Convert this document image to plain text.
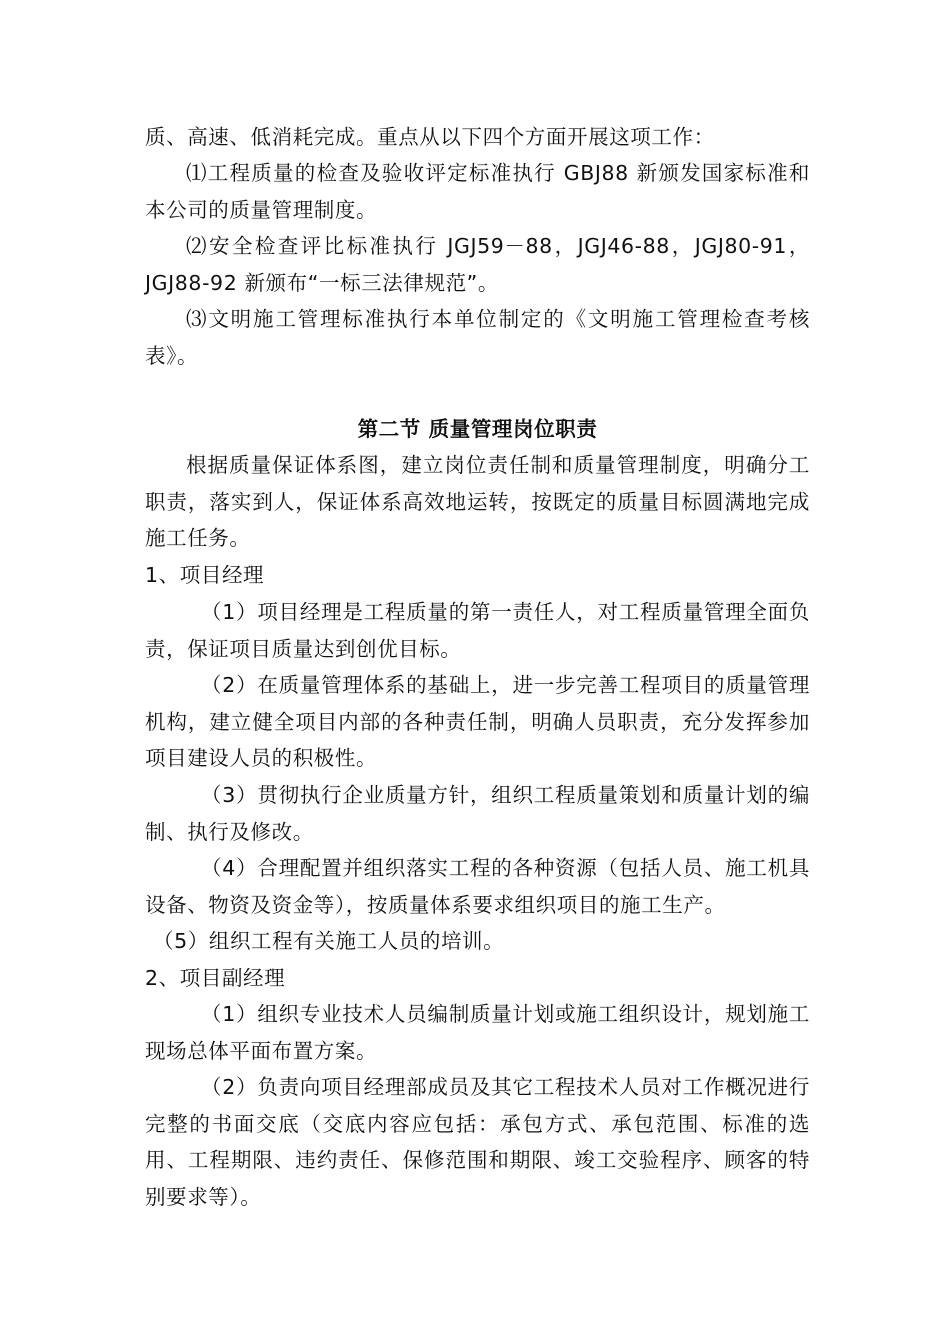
质、高速、低消耗完成。重点从以下四个方面开展这项工作：

⑴工程质量的检查及验收评定标准执行 GBJ88 新颁发国家标准和本公司的质量管理制度。

⑵安全检查评比标准执行 JGJ59－88，JGJ46-88，JGJ80-91，JGJ88-92 新颁布“一标三法律规范”。

⑶文明施工管理标准执行本单位制定的《文明施工管理检查考核表》。

第二节 质量管理岗位职责

根据质量保证体系图，建立岗位责任制和质量管理制度，明确分工职责，落实到人，保证体系高效地运转，按既定的质量目标圆满地完成施工任务。

1、项目经理

（1）项目经理是工程质量的第一责任人，对工程质量管理全面负责，保证项目质量达到创优目标。

（2）在质量管理体系的基础上，进一步完善工程项目的质量管理机构，建立健全项目内部的各种责任制，明确人员职责，充分发挥参加项目建设人员的积极性。

（3）贯彻执行企业质量方针，组织工程质量策划和质量计划的编制、执行及修改。

（4）合理配置并组织落实工程的各种资源（包括人员、施工机具设备、物资及资金等），按质量体系要求组织项目的施工生产。

（5）组织工程有关施工人员的培训。

2、项目副经理

（1）组织专业技术人员编制质量计划或施工组织设计，规划施工现场总体平面布置方案。

（2）负责向项目经理部成员及其它工程技术人员对工作概况进行完整的书面交底（交底内容应包括：承包方式、承包范围、标准的选用、工程期限、违约责任、保修范围和期限、竣工交验程序、顾客的特别要求等）。
